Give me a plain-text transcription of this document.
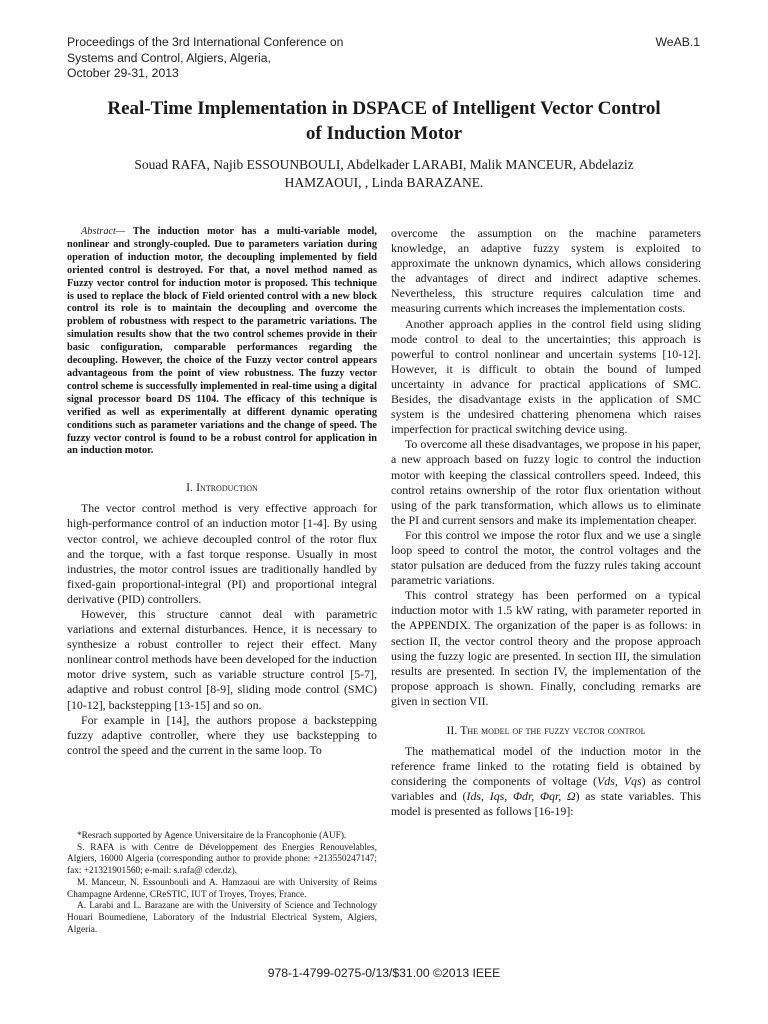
Proceedings of the 3rd International Conference on
Systems and Control, Algiers, Algeria,
October 29-31, 2013
WeAB.1
Real-Time Implementation in DSPACE of Intelligent Vector Control
of Induction Motor
Souad RAFA, Najib ESSOUNBOULI, Abdelkader LARABI, Malik MANCEUR, Abdelaziz
HAMZAOUI, , Linda BARAZANE.

Abstract— The induction motor has a multi-variable model, nonlinear and strongly-coupled. Due to parameters variation during operation of induction motor, the decoupling implemented by field oriented control is destroyed. For that, a novel method named as Fuzzy vector control for induction motor is proposed. This technique is used to replace the block of Field oriented control with a new block control its role is to maintain the decoupling and overcome the problem of robustness with respect to the parametric variations. The simulation results show that the two control schemes provide in their basic configuration, comparable performances regarding the decoupling. However, the choice of the Fuzzy vector control appears advantageous from the point of view robustness. The fuzzy vector control scheme is successfully implemented in real-time using a digital signal processor board DS 1104. The efficacy of this technique is verified as well as experimentally at different dynamic operating conditions such as parameter variations and the change of speed. The fuzzy vector control is found to be a robust control for application in an induction motor.

I. Introduction

The vector control method is very effective approach for high-performance control of an induction motor [1-4]. By using vector control, we achieve decoupled control of the rotor flux and the torque, with a fast torque response. Usually in most industries, the motor control issues are traditionally handled by fixed-gain proportional-integral (PI) and proportional integral derivative (PID) controllers.

However, this structure cannot deal with parametric variations and external disturbances. Hence, it is necessary to synthesize a robust controller to reject their effect. Many nonlinear control methods have been developed for the induction motor drive system, such as variable structure control [5-7], adaptive and robust control [8-9], sliding mode control (SMC) [10-12], backstepping [13-15] and so on.

For example in [14], the authors propose a backstepping fuzzy adaptive controller, where they use backstepping to control the speed and the current in the same loop. To

*Resrach supported by Agence Universitaire de la Francophonie (AUF).

S. RAFA is with Centre de Développement des Energies Renouvelables, Algiers, 16000 Algeria (corresponding author to provide phone: +213550247147; fax: +21321901560; e-mail: s.rafa@ cder.dz).

M. Manceur, N. Essounbouli and A. Hamzaoui are with University of Reims Champagne Ardenne, CReSTIC, IUT of Troyes, Troyes, France.

A. Larabi and L. Barazane are with the University of Science and Technology Houari Boumediene, Laboratory of the Industrial Electrical System, Algiers, Algeria.

overcome the assumption on the machine parameters knowledge, an adaptive fuzzy system is exploited to approximate the unknown dynamics, which allows considering the advantages of direct and indirect adaptive schemes. Nevertheless, this structure requires calculation time and measuring currents which increases the implementation costs.

Another approach applies in the control field using sliding mode control to deal to the uncertainties; this approach is powerful to control nonlinear and uncertain systems [10-12]. However, it is difficult to obtain the bound of lumped uncertainty in advance for practical applications of SMC. Besides, the disadvantage exists in the application of SMC system is the undesired chattering phenomena which raises imperfection for practical switching device using.

To overcome all these disadvantages, we propose in his paper, a new approach based on fuzzy logic to control the induction motor with keeping the classical controllers speed. Indeed, this control retains ownership of the rotor flux orientation without using of the park transformation, which allows us to eliminate the PI and current sensors and make its implementation cheaper.

For this control we impose the rotor flux and we use a single loop speed to control the motor, the control voltages and the stator pulsation are deduced from the fuzzy rules taking account parametric variations.

This control strategy has been performed on a typical induction motor with 1.5 kW rating, with parameter reported in the APPENDIX. The organization of the paper is as follows: in section II, the vector control theory and the propose approach using the fuzzy logic are presented. In section III, the simulation results are presented. In section IV, the implementation of the propose approach is shown. Finally, concluding remarks are given in section VII.

II. The model of the fuzzy vector control

The mathematical model of the induction motor in the reference frame linked to the rotating field is obtained by considering the components of voltage (Vds, Vqs) as control variables and (Ids, Iqs, Φdr, Φqr, Ω) as state variables. This model is presented as follows [16-19]:

978-1-4799-0275-0/13/$31.00 ©2013 IEEE
